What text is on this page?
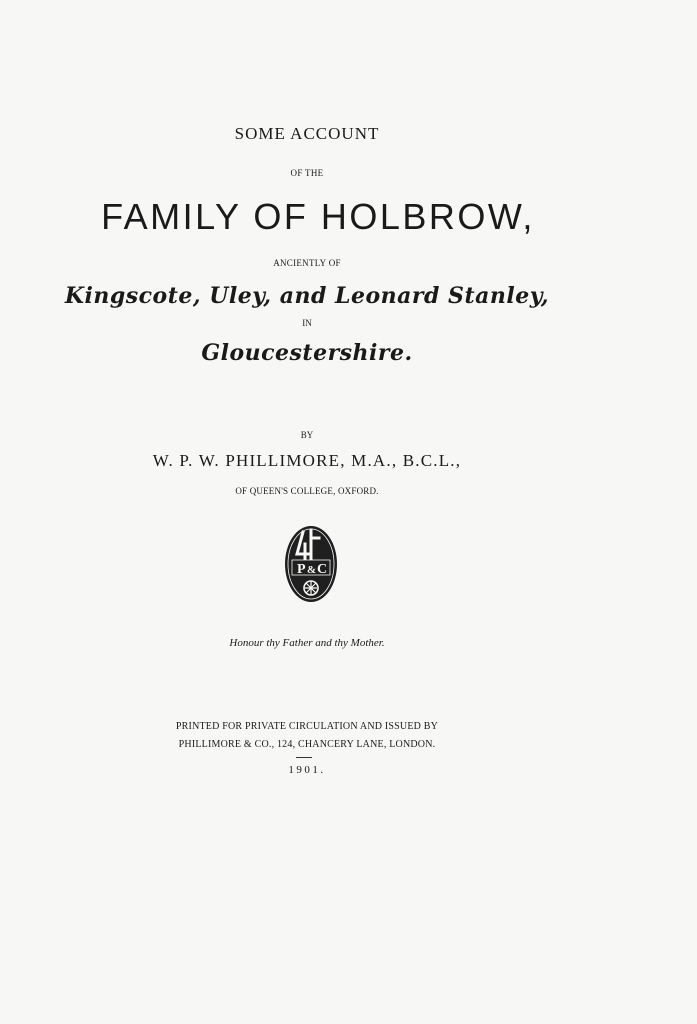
SOME ACCOUNT
OF THE
FAMILY OF HOLBROW,
ANCIENTLY OF
Kingscote, Uley, and Leonard Stanley,
IN
Gloucestershire.
BY
W. P. W. PHILLIMORE, M.A., B.C.L.,
OF QUEEN'S COLLEGE, OXFORD.
P & C
Honour thy Father and thy Mother.
PRINTED FOR PRIVATE CIRCULATION AND ISSUED BY
PHILLIMORE & CO., 124, CHANCERY LANE, LONDON.
1901.
